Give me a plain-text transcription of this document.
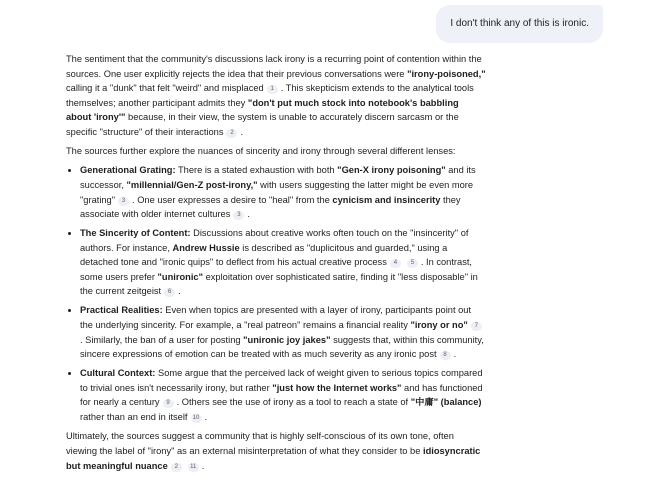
I don't think any of this is ironic.

The sentiment that the community's discussions lack irony is a recurring point of contention within the sources. One user explicitly rejects the idea that their previous conversations were "irony-poisoned," calling it a "dunk" that felt "weird" and misplaced 1 . This skepticism extends to the analytical tools themselves; another participant admits they "don't put much stock into notebook's babbling about 'irony'" because, in their view, the system is unable to accurately discern sarcasm or the specific "structure" of their interactions 2 .

The sources further explore the nuances of sincerity and irony through several different lenses:

• Generational Grating: There is a stated exhaustion with both "Gen-X irony poisoning" and its successor, "millennial/Gen-Z post-irony," with users suggesting the latter might be even more "grating" 3 . One user expresses a desire to "heal" from the cynicism and insincerity they associate with older internet cultures 3 .
• The Sincerity of Content: Discussions about creative works often touch on the "insincerity" of authors. For instance, Andrew Hussie is described as "duplicitous and guarded," using a detached tone and "ironic quips" to deflect from his actual creative process 4 5 . In contrast, some users prefer "unironic" exploitation over sophisticated satire, finding it "less disposable" in the current zeitgeist 6 .
• Practical Realities: Even when topics are presented with a layer of irony, participants point out the underlying sincerity. For example, a "real patreon" remains a financial reality "irony or no" 7. Similarly, the ban of a user for posting "unironic joy jakes" suggests that, within this community, sincere expressions of emotion can be treated with as much severity as any ironic post 8 .
• Cultural Context: Some argue that the perceived lack of weight given to serious topics compared to trivial ones isn't necessarily irony, but rather "just how the Internet works" and has functioned for nearly a century 9 . Others see the use of irony as a tool to reach a state of "中庸" (balance) rather than an end in itself 10 .

Ultimately, the sources suggest a community that is highly self-conscious of its own tone, often viewing the label of "irony" as an external misinterpretation of what they consider to be idiosyncratic but meaningful nuance 2 11 .
